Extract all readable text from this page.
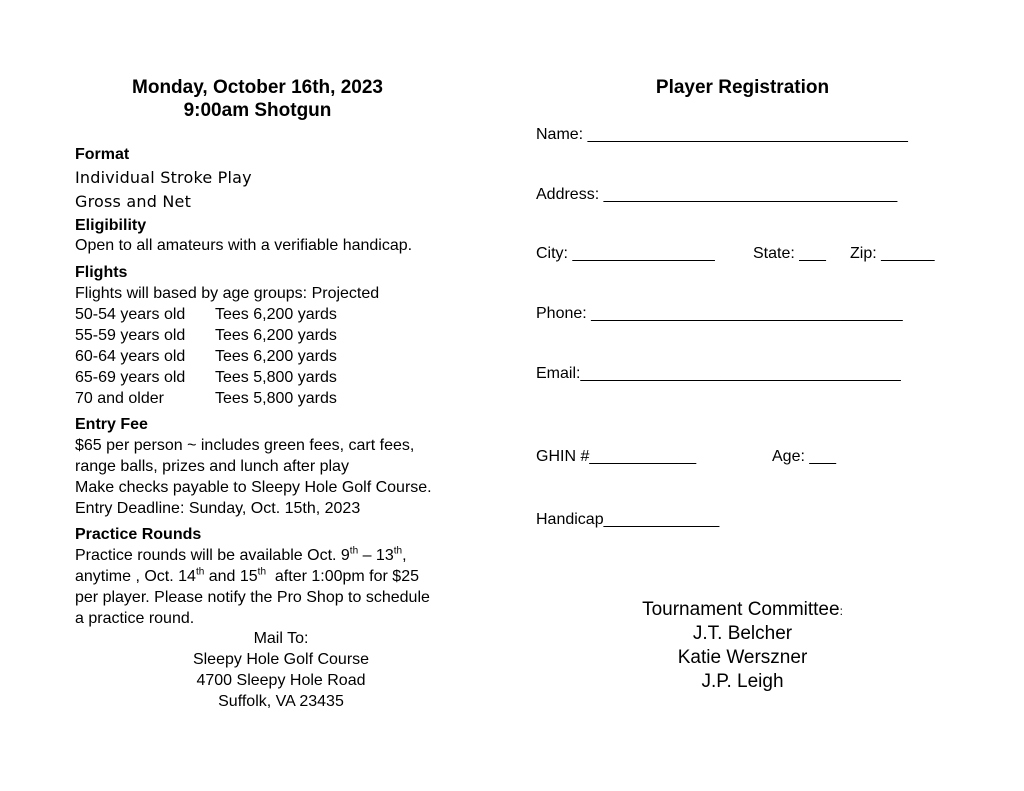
Monday, October 16th, 2023
9:00am Shotgun
Format
Individual Stroke Play
Gross and Net
Eligibility
Open to all amateurs with a verifiable handicap.
Flights
Flights will based by age groups: Projected
50-54 years old Tees 6,200 yards
55-59 years old Tees 6,200 yards
60-64 years old Tees 6,200 yards
65-69 years old Tees 5,800 yards
70 and older	Tees 5,800 yards
Entry Fee
$65 per person ~ includes green fees, cart fees,
range balls, prizes and lunch after play
Make checks payable to Sleepy Hole Golf Course.
Entry Deadline: Sunday, Oct. 15th, 2023
Practice Rounds
Practice rounds will be available Oct. 9th – 13th,
anytime , Oct. 14th and 15th  after 1:00pm for $25
per player. Please notify the Pro Shop to schedule
a practice round.
Mail To:
Sleepy Hole Golf Course
4700 Sleepy Hole Road
Suffolk, VA 23435
Player Registration
Name: ____________________________________
Address: _________________________________
City: ________________ State: ___ Zip: ______
Phone: ___________________________________
Email:____________________________________
GHIN #____________	Age: ___
Handicap_____________
Tournament Committee:
J.T. Belcher
Katie Werszner
J.P. Leigh
